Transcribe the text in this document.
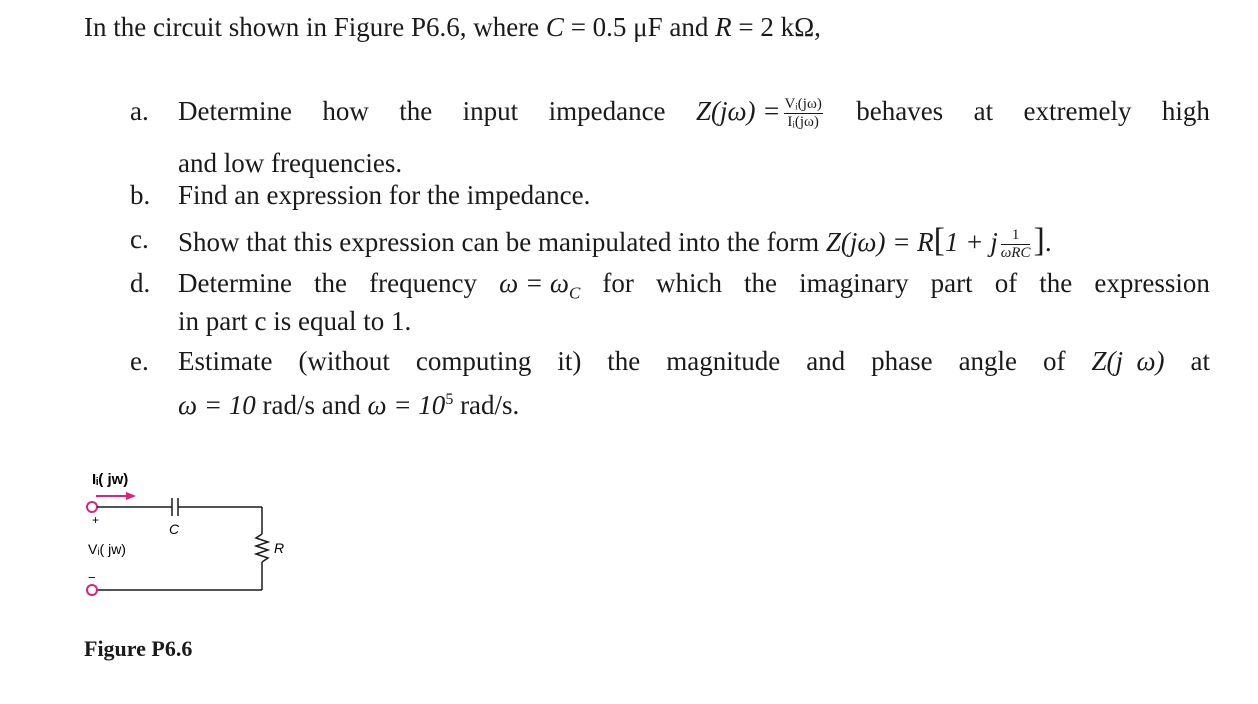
In the circuit shown in Figure P6.6, where C = 0.5 μF and R = 2 kΩ,
a. Determine how the input impedance $Z(j\omega) = \frac{\text{Vᵢ(jω)}}{\text{Iᵢ(jω)}}$ behaves at extremely high
and low frequencies.
b. Find an expression for the impedance.
c. Show that this expression can be manipulated into the form Z(jω) = R[1 + j $\frac{1}{\text{ωRC}}$ ].
d. Determine the frequency $\omega = \omega_C$ for which the imaginary part of the expression
in part c is equal to 1.
e. Estimate (without computing it) the magnitude and phase angle of Z(j  ω) at
ω = 10 rad/s and $\omega = 10^5$ rad/s.
Iᵢ( jw)
C
+
Vᵢ( jw)	R
−
Figure P6.6
